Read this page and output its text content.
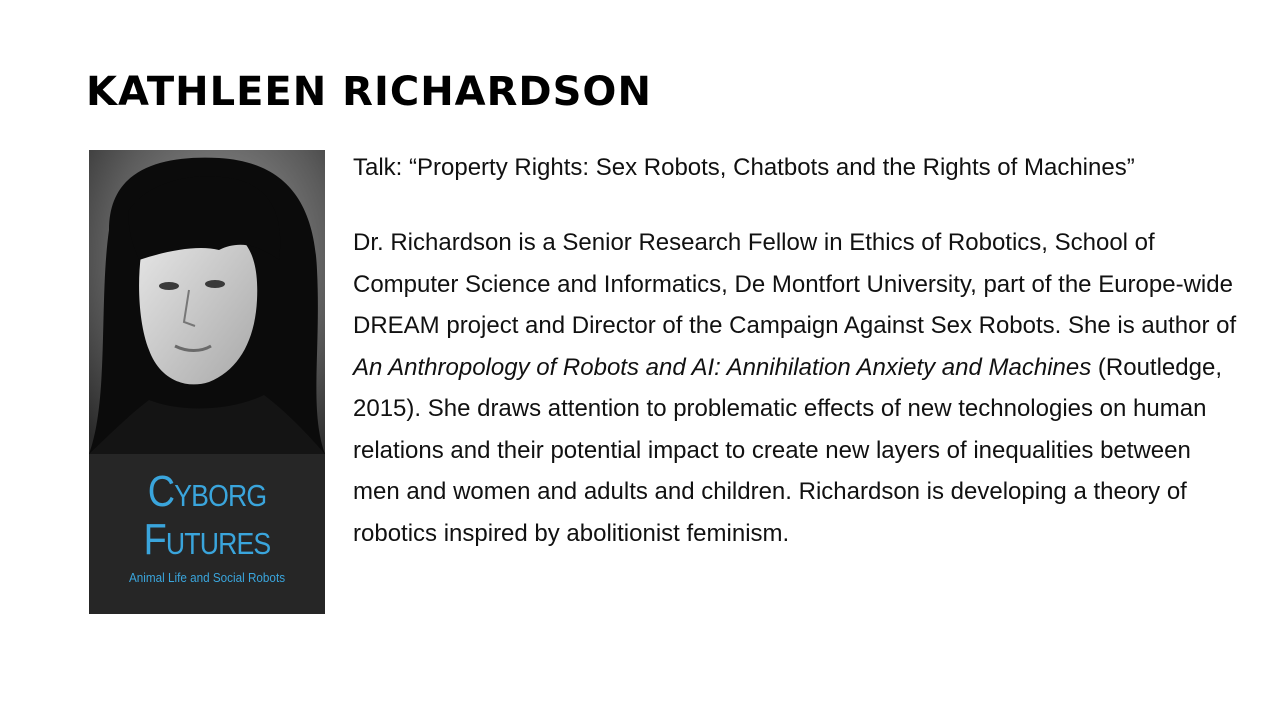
KATHLEEN RICHARDSON
Cyborg
Futures
Animal Life and Social Robots

Talk: “Property Rights: Sex Robots, Chatbots and the Rights of Machines”

Dr. Richardson is a Senior Research Fellow in Ethics of Robotics, School of Computer Science and Informatics, De Montfort University, part of the Europe-wide DREAM project and Director of the Campaign Against Sex Robots. She is author of An Anthropology of Robots and AI: Annihilation Anxiety and Machines (Routledge, 2015). She draws attention to problematic effects of new technologies on human relations and their potential impact to create new layers of inequalities between men and women and adults and children. Richardson is developing a theory of robotics inspired by abolitionist feminism.
